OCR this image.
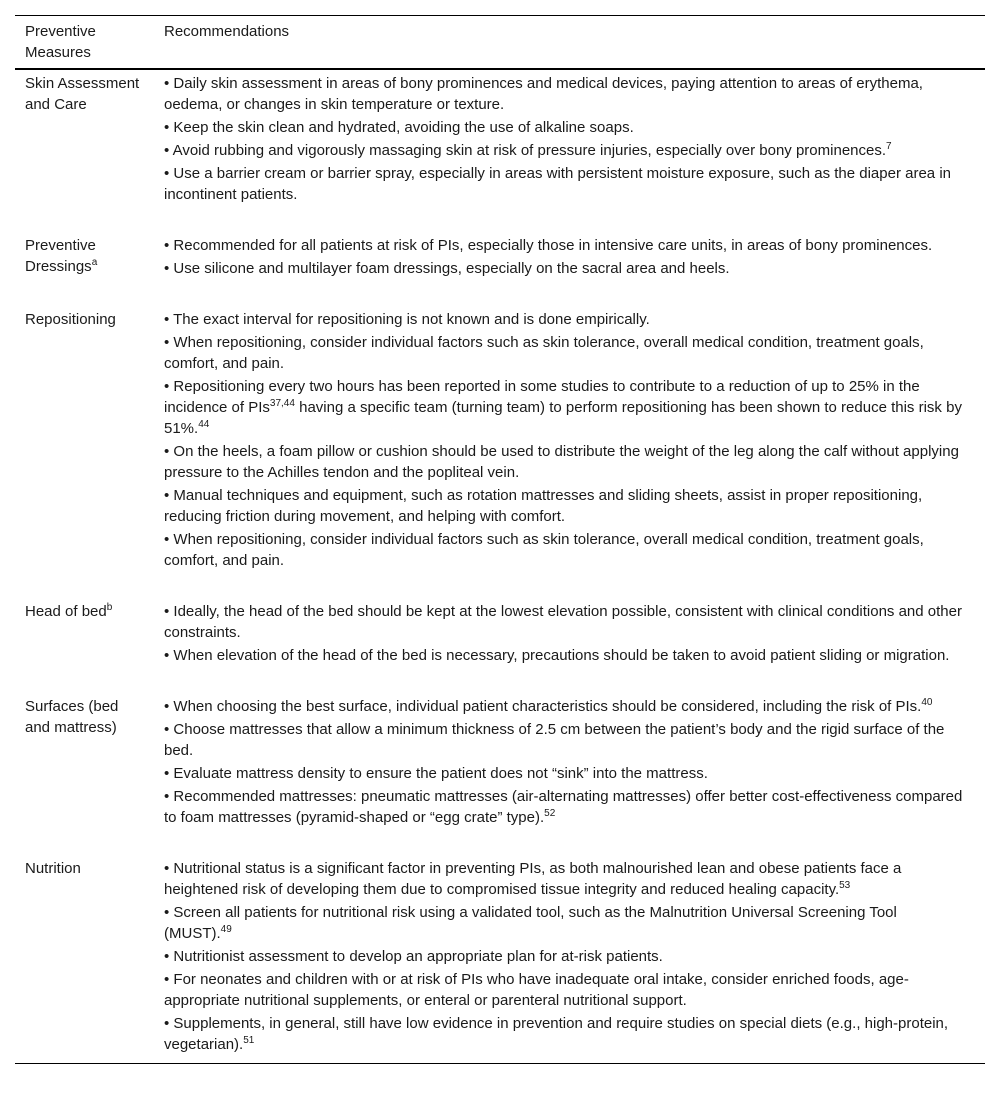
Preventive
Measures	Recommendations
Skin Assessment and Care	• Daily skin assessment in areas of bony prominences and medical devices, paying attention to areas of erythema, oedema, or changes in skin temperature or texture.
• Keep the skin clean and hydrated, avoiding the use of alkaline soaps.
• Avoid rubbing and vigorously massaging skin at risk of pressure injuries, especially over bony prominences.$^7$
• Use a barrier cream or barrier spray, especially in areas with persistent moisture exposure, such as the diaper area in incontinent patients.

Preventive Dressings$^a$	• Recommended for all patients at risk of PIs, especially those in intensive care units, in areas of bony prominences.
• Use silicone and multilayer foam dressings, especially on the sacral area and heels.

Repositioning	• The exact interval for repositioning is not known and is done empirically.
• When repositioning, consider individual factors such as skin tolerance, overall medical condition, treatment goals, comfort, and pain.
• Repositioning every two hours has been reported in some studies to contribute to a reduction of up to 25% in the incidence of PIs$^{37,44}$ having a specific team (turning team) to perform repositioning has been shown to reduce this risk by 51%.$^{44}$
• On the heels, a foam pillow or cushion should be used to distribute the weight of the leg along the calf without applying pressure to the Achilles tendon and the popliteal vein.
• Manual techniques and equipment, such as rotation mattresses and sliding sheets, assist in proper repositioning, reducing friction during movement, and helping with comfort.
• When repositioning, consider individual factors such as skin tolerance, overall medical condition, treatment goals, comfort, and pain.

Head of bed$^b$	• Ideally, the head of the bed should be kept at the lowest elevation possible, consistent with clinical conditions and other constraints.
• When elevation of the head of the bed is necessary, precautions should be taken to avoid patient sliding or migration.

Surfaces (bed and mattress)	• When choosing the best surface, individual patient characteristics should be considered, including the risk of PIs.$^{40}$
• Choose mattresses that allow a minimum thickness of 2.5 cm between the patient’s body and the rigid surface of the bed.
• Evaluate mattress density to ensure the patient does not “sink” into the mattress.
• Recommended mattresses: pneumatic mattresses (air-alternating mattresses) offer better cost-effectiveness compared to foam mattresses (pyramid-shaped or “egg crate” type).$^{52}$

Nutrition	• Nutritional status is a significant factor in preventing PIs, as both malnourished lean and obese patients face a heightened risk of developing them due to compromised tissue integrity and reduced healing capacity.$^{53}$
• Screen all patients for nutritional risk using a validated tool, such as the Malnutrition Universal Screening Tool (MUST).$^{49}$
• Nutritionist assessment to develop an appropriate plan for at-risk patients.
• For neonates and children with or at risk of PIs who have inadequate oral intake, consider enriched foods, age-appropriate nutritional supplements, or enteral or parenteral nutritional support.
• Supplements, in general, still have low evidence in prevention and require studies on special diets (e.g., high-protein, vegetarian).$^{51}$
